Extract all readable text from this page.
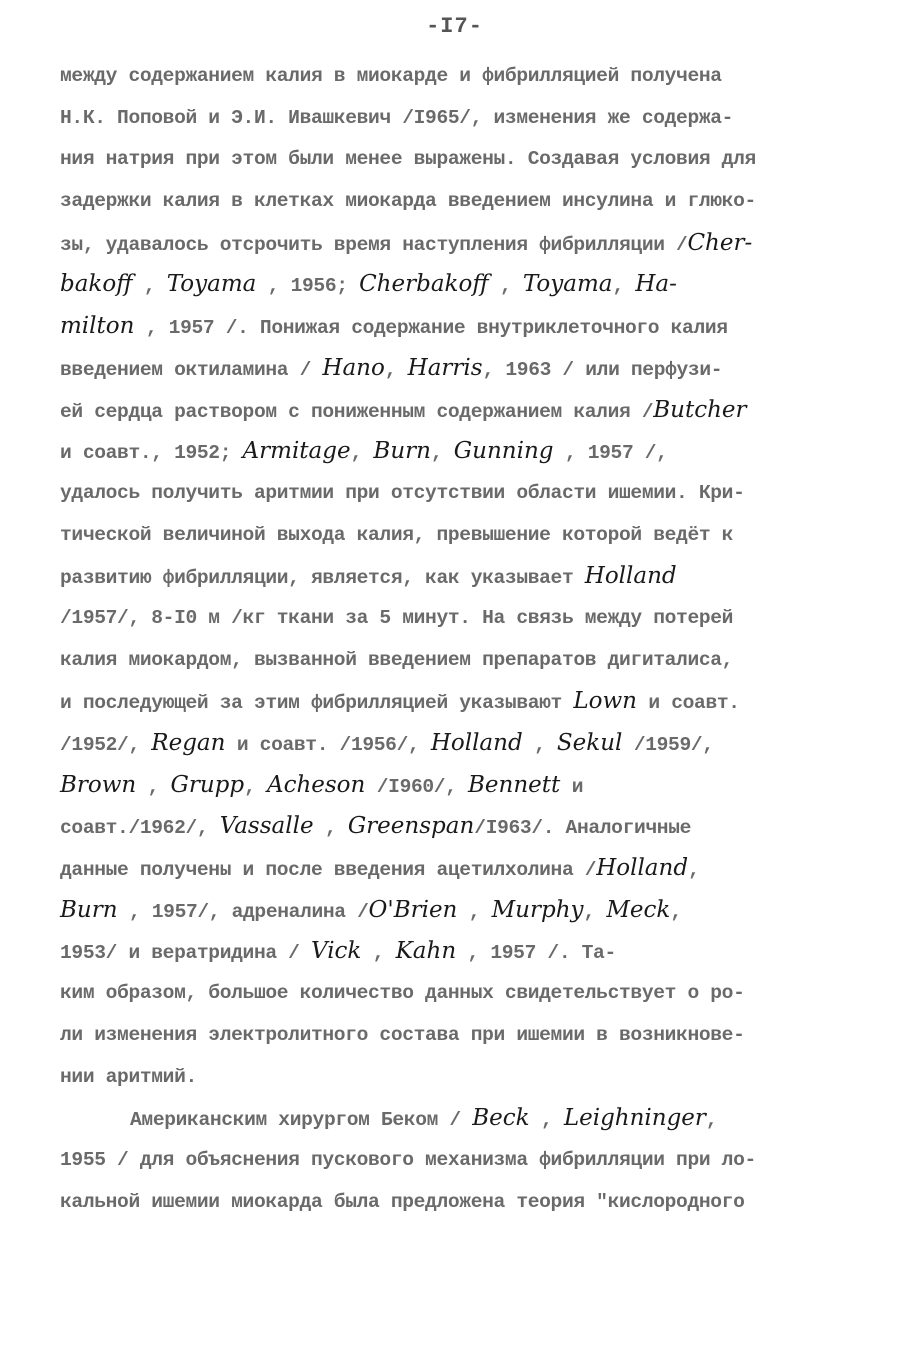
-I7-
между содержанием калия в миокарде и фибрилляцией получена
Н.К. Поповой и Э.И. Ивашкевич /I965/, изменения же содержа-
ния натрия при этом были менее выражены. Создавая условия для
задержки калия в клетках миокарда введением инсулина и глюко-
зы, удавалось отсрочить время наступления фибрилляции /Cher-
bakoff , Toyama , 1956; Cherbakoff , Toyama, Ha-
milton , 1957 /. Понижая содержание внутриклеточного калия
введением октиламина / Hano, Harris, 1963 / или перфузи-
ей сердца раствором с пониженным содержанием калия /Butcher
и соавт., 1952; Armitage, Burn, Gunning , 1957 /,
удалось получить аритмии при отсутствии области ишемии. Кри-
тической величиной выхода калия, превышение которой ведёт к
развитию фибрилляции, является, как указывает Holland
/1957/, 8-I0 м /кг ткани за 5 минут. На связь между потерей
калия миокардом, вызванной введением препаратов дигиталиса,
и последующей за этим фибрилляцией указывают Lown и соавт.
/1952/, Regan и соавт. /1956/, Holland , Sekul /1959/,
Brown , Grupp, Acheson /I960/, Bennett и
соавт./1962/, Vassalle , Greenspan/I963/. Аналогичные
данные получены и после введения ацетилхолина /Holland,
Burn , 1957/, адреналина /O'Brien , Murphy, Meck,
1953/ и вератридина / Vick , Kahn , 1957 /. Та-
ким образом, большое количество данных свидетельствует о ро-
ли изменения электролитного состава при ишемии в возникнове-
нии аритмий.
Американским хирургом Беком / Beck , Leighninger,
1955 / для объяснения пускового механизма фибрилляции при ло-
кальной ишемии миокарда была предложена теория "кислородного
